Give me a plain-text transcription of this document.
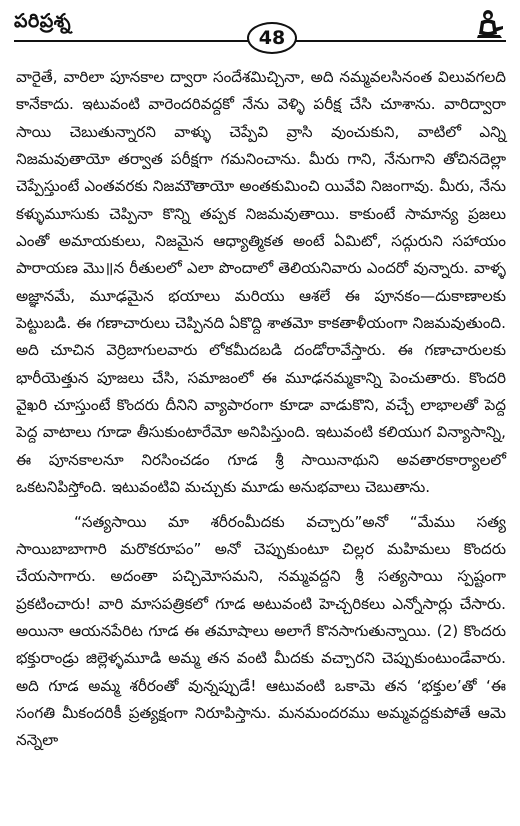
పరిప్రశ్న
48

వారైతే, వారిలా పూనకాల ద్వారా సందేశమిచ్చినా, అది నమ్మవలసినంత విలువగలది కానేకాదు. ఇటువంటి వారెందరివద్దకో నేను వెళ్ళి పరీక్ష చేసి చూశాను. వారిద్వారా సాయి చెబుతున్నారని వాళ్ళు చెప్పేవి వ్రాసి వుంచుకుని, వాటిలో ఎన్ని నిజమవుతాయో తర్వాత పరీక్షగా గమనించాను. మీరు గాని, నేనుగాని తోచినదెల్లా చెప్పేస్తుంటే ఎంతవరకు నిజమౌతాయో అంతకుమించి యివేవి నిజంగావు. మీరు, నేను కళ్ళుమూసుకు చెప్పినా కొన్ని తప్పక నిజమవుతాయి. కాకుంటే సామాన్య ప్రజలు ఎంతో అమాయకులు, నిజమైన ఆధ్యాత్మికత అంటే ఏమిటో, సద్గురుని సహాయం పారాయణ మొ॥న రీతులలో ఎలా పొందాలో తెలియనివారు ఎందరో వున్నారు. వాళ్ళ అజ్ఞానమే, మూఢమైన భయాలు మరియు ఆశలే ఈ పూనకం—దుకాణాలకు పెట్టుబడి. ఈ గణాచారులు చెప్పినది ఏకొద్ది శాతమో కాకతాళీయంగా నిజమవుతుంది. అది చూచిన వెర్రిబాగులవారు లోకమీదబడి దండోరావేస్తారు. ఈ గణాచారులకు భారీయెత్తున పూజలు చేసి, సమాజంలో ఈ మూఢనమ్మకాన్ని పెంచుతారు. కొందరి వైఖరి చూస్తుంటే కొందరు దీనిని వ్యాపారంగా కూడా వాడుకొని, వచ్చే లాభాలతో పెద్ద పెద్ద వాటాలు గూడా తీసుకుంటారేమో అనిపిస్తుంది. ఇటువంటి కలియుగ విన్యాసాన్ని, ఈ పూనకాలనూ నిరసించడం గూడ శ్రీ సాయినాథుని అవతారకార్యాలలో ఒకటనిపిస్తోంది. ఇటువంటివి మచ్చుకు మూడు అనుభవాలు చెబుతాను.

“సత్యసాయి మా శరీరంమీదకు వచ్చారు”అనో “మేము సత్య సాయిబాబాగారి మరొకరూపం” అనో చెప్పుకుంటూ చిల్లర మహిమలు కొందరు చేయసాగారు. అదంతా పచ్చిమోసమని, నమ్మవద్దని శ్రీ సత్యసాయి స్పష్టంగా ప్రకటించారు! వారి మాసపత్రికలో గూడ అటువంటి హెచ్చరికలు ఎన్నోసార్లు చేసారు. అయినా ఆయనపేరిట గూడ ఈ తమాషాలు అలాగే కొనసాగుతున్నాయి. (2) కొందరు భక్తురాండ్రు జిల్లెళ్ళమూడి అమ్మ తన వంటి మీదకు వచ్చారని చెప్పుకుంటుండేవారు. అది గూడ అమ్మ శరీరంతో వున్నప్పుడే! ఆటువంటి ఒకామె తన ‘భక్తుల’తో ‘ఈ సంగతి మీకందరికీ ప్రత్యక్షంగా నిరూపిస్తాను. మనమందరము అమ్మవద్దకుపోతే ఆమె నన్నెలా
